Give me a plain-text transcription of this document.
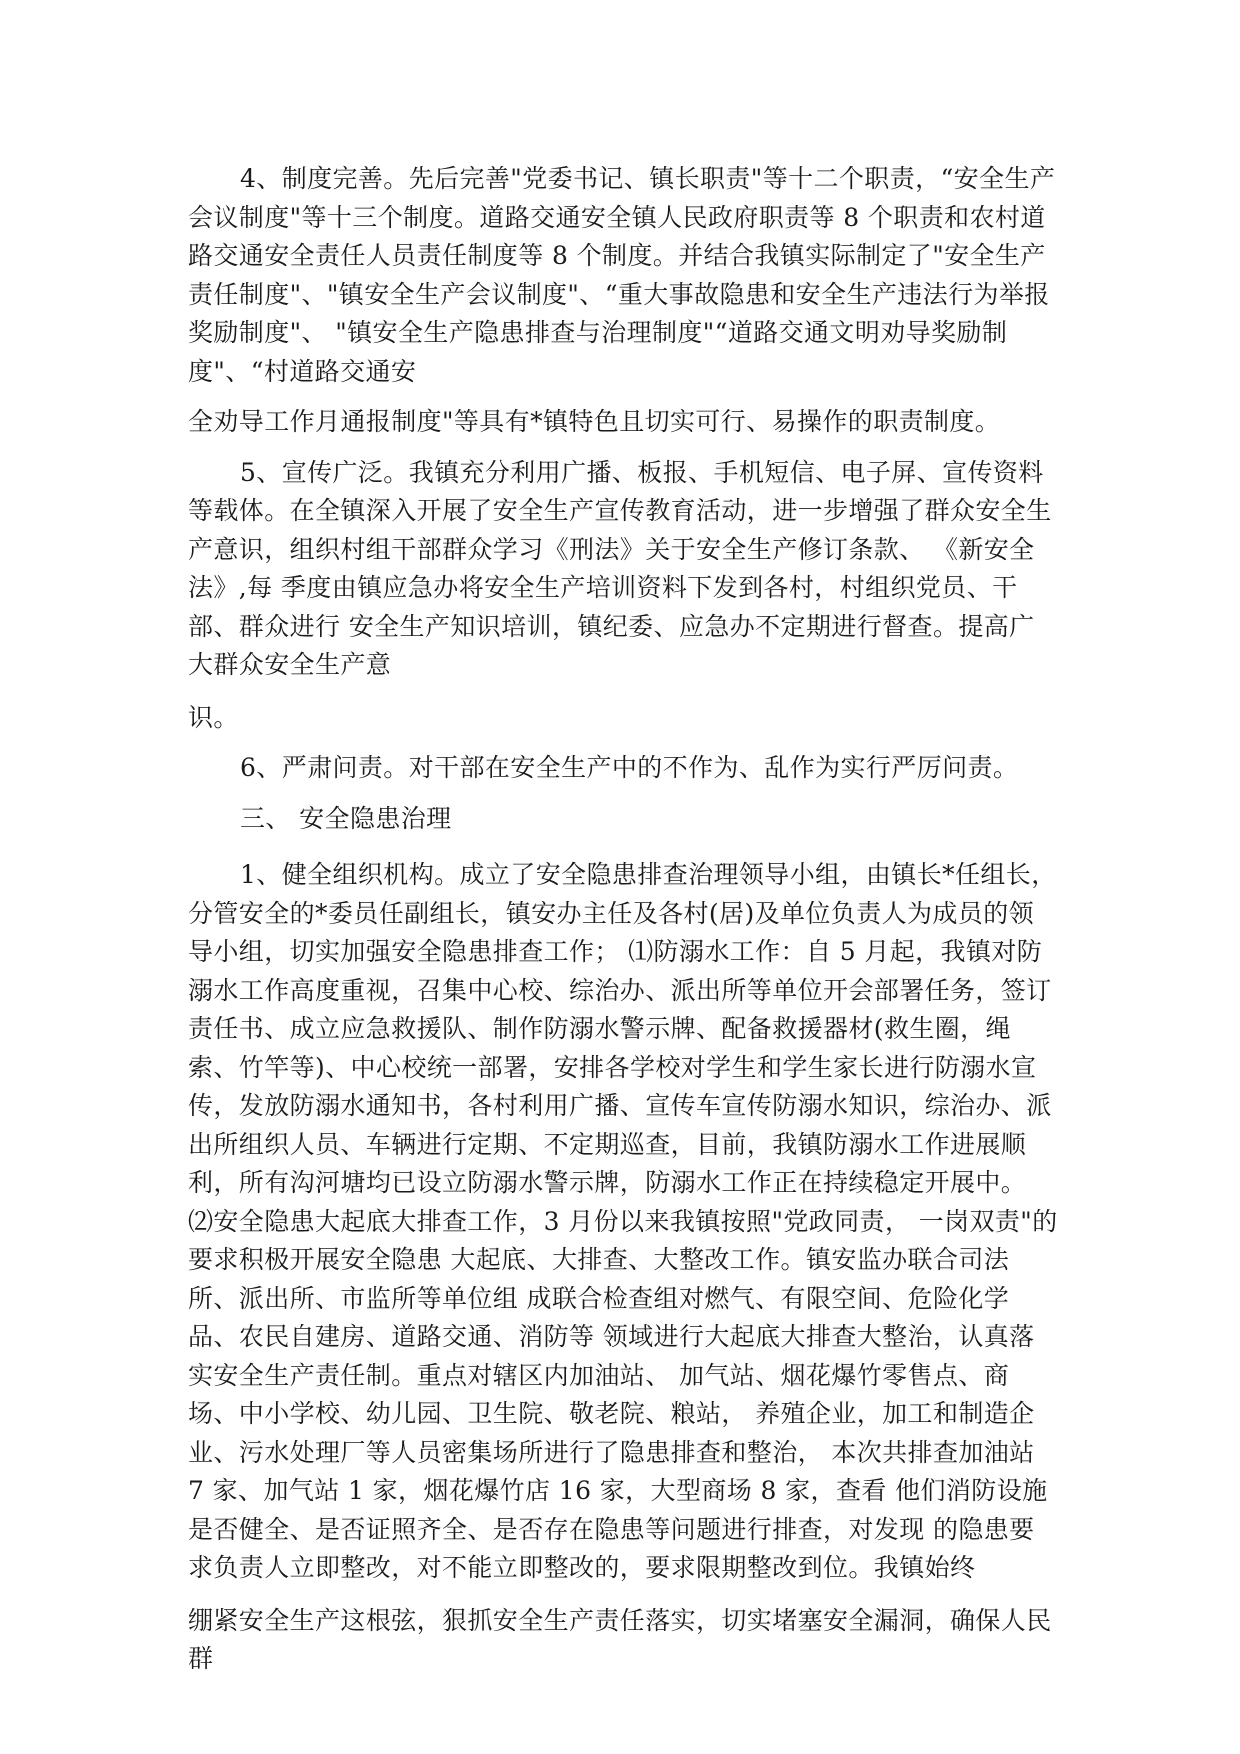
4、制度完善。先后完善"党委书记、镇长职责"等十二个职责，“安全生产会议制度"等十三个制度。道路交通安全镇人民政府职责等 8 个职责和农村道路交通安全责任人员责任制度等 8 个制度。并结合我镇实际制定了"安全生产责任制度"、"镇安全生产会议制度"、“重大事故隐患和安全生产违法行为举报奖励制度"、 "镇安全生产隐患排查与治理制度"“道路交通文明劝导奖励制度"、“村道路交通安

全劝导工作月通报制度"等具有*镇特色且切实可行、易操作的职责制度。

5、宣传广泛。我镇充分利用广播、板报、手机短信、电子屏、宣传资料等载体。在全镇深入开展了安全生产宣传教育活动，进一步增强了群众安全生产意识，组织村组干部群众学习《刑法》关于安全生产修订条款、 《新安全法》,每 季度由镇应急办将安全生产培训资料下发到各村，村组织党员、干部、群众进行 安全生产知识培训，镇纪委、应急办不定期进行督查。提高广大群众安全生产意

识。

6、严肃问责。对干部在安全生产中的不作为、乱作为实行严厉问责。

三、 安全隐患治理

1、健全组织机构。成立了安全隐患排查治理领导小组，由镇长*任组长，分管安全的*委员任副组长，镇安办主任及各村(居)及单位负责人为成员的领导小组，切实加强安全隐患排查工作； ⑴防溺水工作：自 5 月起，我镇对防溺水工作高度重视，召集中心校、综治办、派出所等单位开会部署任务，签订责任书、成立应急救援队、制作防溺水警示牌、配备救援器材(救生圈，绳索、竹竿等)、中心校统一部署，安排各学校对学生和学生家长进行防溺水宣传，发放防溺水通知书，各村利用广播、宣传车宣传防溺水知识，综治办、派出所组织人员、车辆进行定期、不定期巡查，目前，我镇防溺水工作进展顺利，所有沟河塘均已设立防溺水警示牌，防溺水工作正在持续稳定开展中。 ⑵安全隐患大起底大排查工作，3 月份以来我镇按照"党政同责， 一岗双责"的要求积极开展安全隐患 大起底、大排查、大整改工作。镇安监办联合司法所、派出所、市监所等单位组 成联合检查组对燃气、有限空间、危险化学品、农民自建房、道路交通、消防等 领域进行大起底大排查大整治，认真落实安全生产责任制。重点对辖区内加油站、 加气站、烟花爆竹零售点、商场、中小学校、幼儿园、卫生院、敬老院、粮站， 养殖企业，加工和制造企业、污水处理厂等人员密集场所进行了隐患排查和整治， 本次共排查加油站 7 家、加气站 1 家，烟花爆竹店 16 家，大型商场 8 家，查看 他们消防设施是否健全、是否证照齐全、是否存在隐患等问题进行排查，对发现 的隐患要求负责人立即整改，对不能立即整改的，要求限期整改到位。我镇始终

绷紧安全生产这根弦，狠抓安全生产责任落实，切实堵塞安全漏洞，确保人民群
